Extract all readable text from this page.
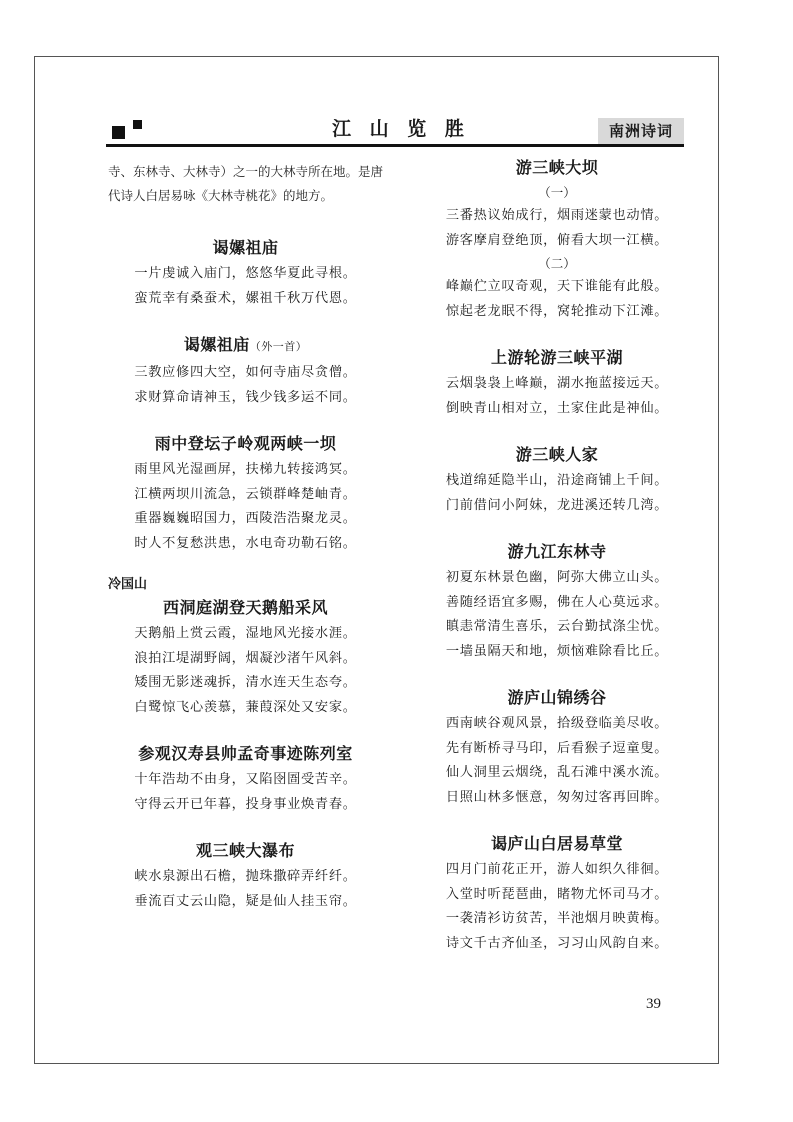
江 山 览 胜	南洲诗词

寺、东林寺、大林寺）之一的大林寺所在地。是唐代诗人白居易咏《大林寺桃花》的地方。

谒嫘祖庙

一片虔诚入庙门，悠悠华夏此寻根。

蛮荒幸有桑蚕术，嫘祖千秋万代恩。

谒嫘祖庙（外一首）

三教应修四大空，如何寺庙尽贪僧。

求财算命请神玉，钱少钱多运不同。

雨中登坛子岭观两峡一坝

雨里风光湿画屏，扶梯九转接鸿冥。

江横两坝川流急，云锁群峰楚岫青。

重器巍巍昭国力，西陵浩浩聚龙灵。

时人不复愁洪患，水电奇功勒石铭。

冷国山

西洞庭湖登天鹅船采风

天鹅船上赏云霞，湿地风光接水涯。

浪拍江堤湖野阔，烟凝沙渚午风斜。

矮围无影迷魂拆，清水连天生态夸。

白鹭惊飞心羡慕，蒹葭深处又安家。

参观汉寿县帅孟奇事迹陈列室

十年浩劫不由身，又陷囹圄受苦辛。

守得云开已年暮，投身事业焕青春。

观三峡大瀑布

峡水泉源出石檐，抛珠撒碎弄纤纤。

垂流百丈云山隐，疑是仙人挂玉帘。

游三峡大坝

（一）

三番热议始成行，烟雨迷蒙也动情。

游客摩肩登绝顶，俯看大坝一江横。

（二）

峰巅伫立叹奇观，天下谁能有此般。

惊起老龙眠不得，窝轮推动下江滩。

上游轮游三峡平湖

云烟袅袅上峰巅，湖水拖蓝接远天。

倒映青山相对立，土家住此是神仙。

游三峡人家

栈道绵延隐半山，沿途商铺上千间。

门前借问小阿妹，龙进溪还转几湾。

游九江东林寺

初夏东林景色幽，阿弥大佛立山头。

善随经语宜多赐，佛在人心莫远求。

瞋恚常清生喜乐，云台勤拭涤尘忧。

一墙虽隔天和地，烦恼难除看比丘。

游庐山锦绣谷

西南峡谷观风景，拾级登临美尽收。

先有断桥寻马印，后看猴子逗童叟。

仙人洞里云烟绕，乱石滩中溪水流。

日照山林多惬意，匆匆过客再回眸。

谒庐山白居易草堂

四月门前花正开，游人如织久徘徊。

入堂时听琵琶曲，睹物尤怀司马才。

一袭清衫访贫苦，半池烟月映黄梅。

诗文千古齐仙圣，习习山风韵自来。

39
